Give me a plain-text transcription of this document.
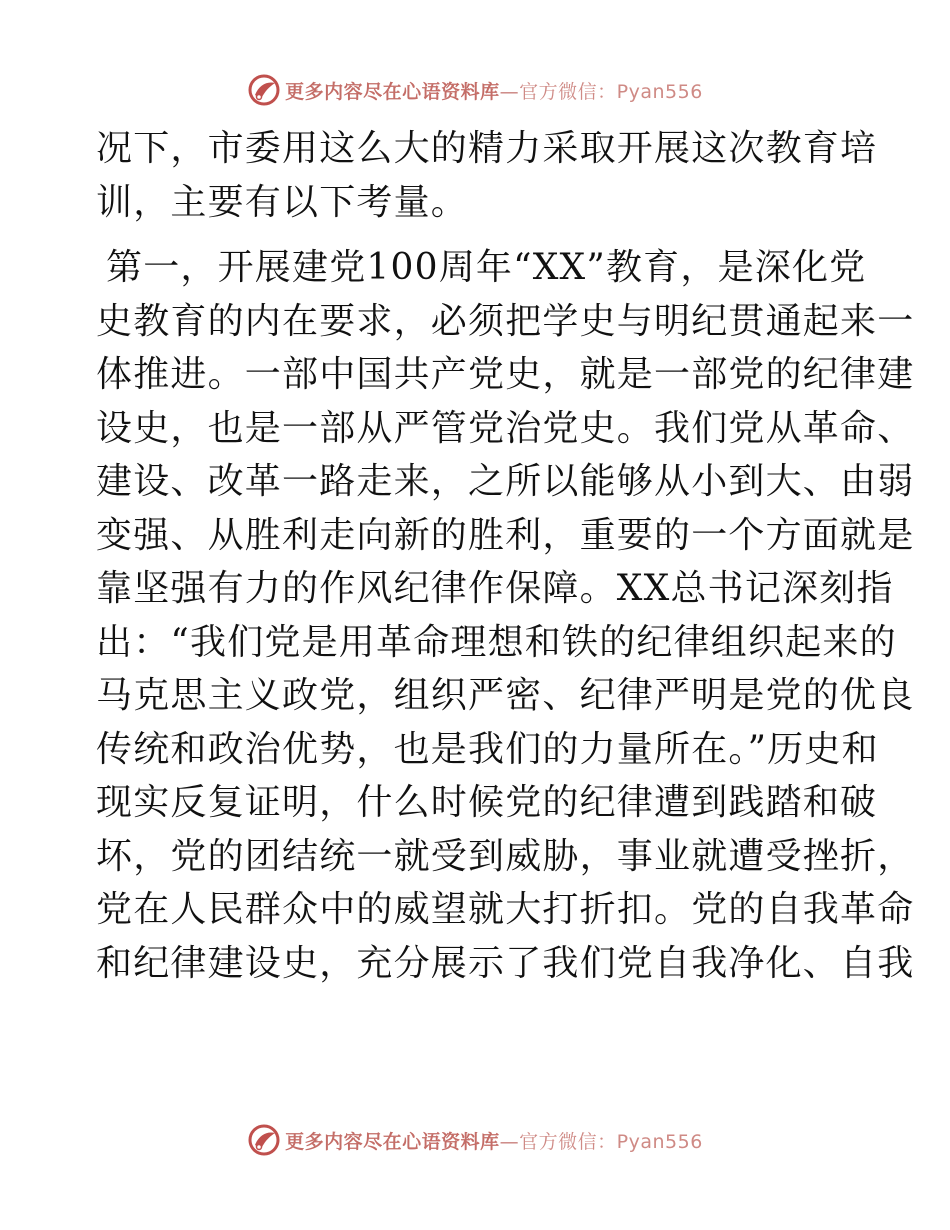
更多内容尽在心语资料库—官方微信：Pyan556
况下，市委用这么大的精力采取开展这次教育培
训，主要有以下考量。
第一，开展建党100周年“XX”教育，是深化党
史教育的内在要求，必须把学史与明纪贯通起来一
体推进。一部中国共产党史，就是一部党的纪律建
设史，也是一部从严管党治党史。我们党从革命、
建设、改革一路走来，之所以能够从小到大、由弱
变强、从胜利走向新的胜利，重要的一个方面就是
靠坚强有力的作风纪律作保障。XX总书记深刻指
出：“我们党是用革命理想和铁的纪律组织起来的
马克思主义政党，组织严密、纪律严明是党的优良
传统和政治优势，也是我们的力量所在。”历史和
现实反复证明，什么时候党的纪律遭到践踏和破
坏，党的团结统一就受到威胁，事业就遭受挫折，
党在人民群众中的威望就大打折扣。党的自我革命
和纪律建设史，充分展示了我们党自我净化、自我
更多内容尽在心语资料库—官方微信：Pyan556
